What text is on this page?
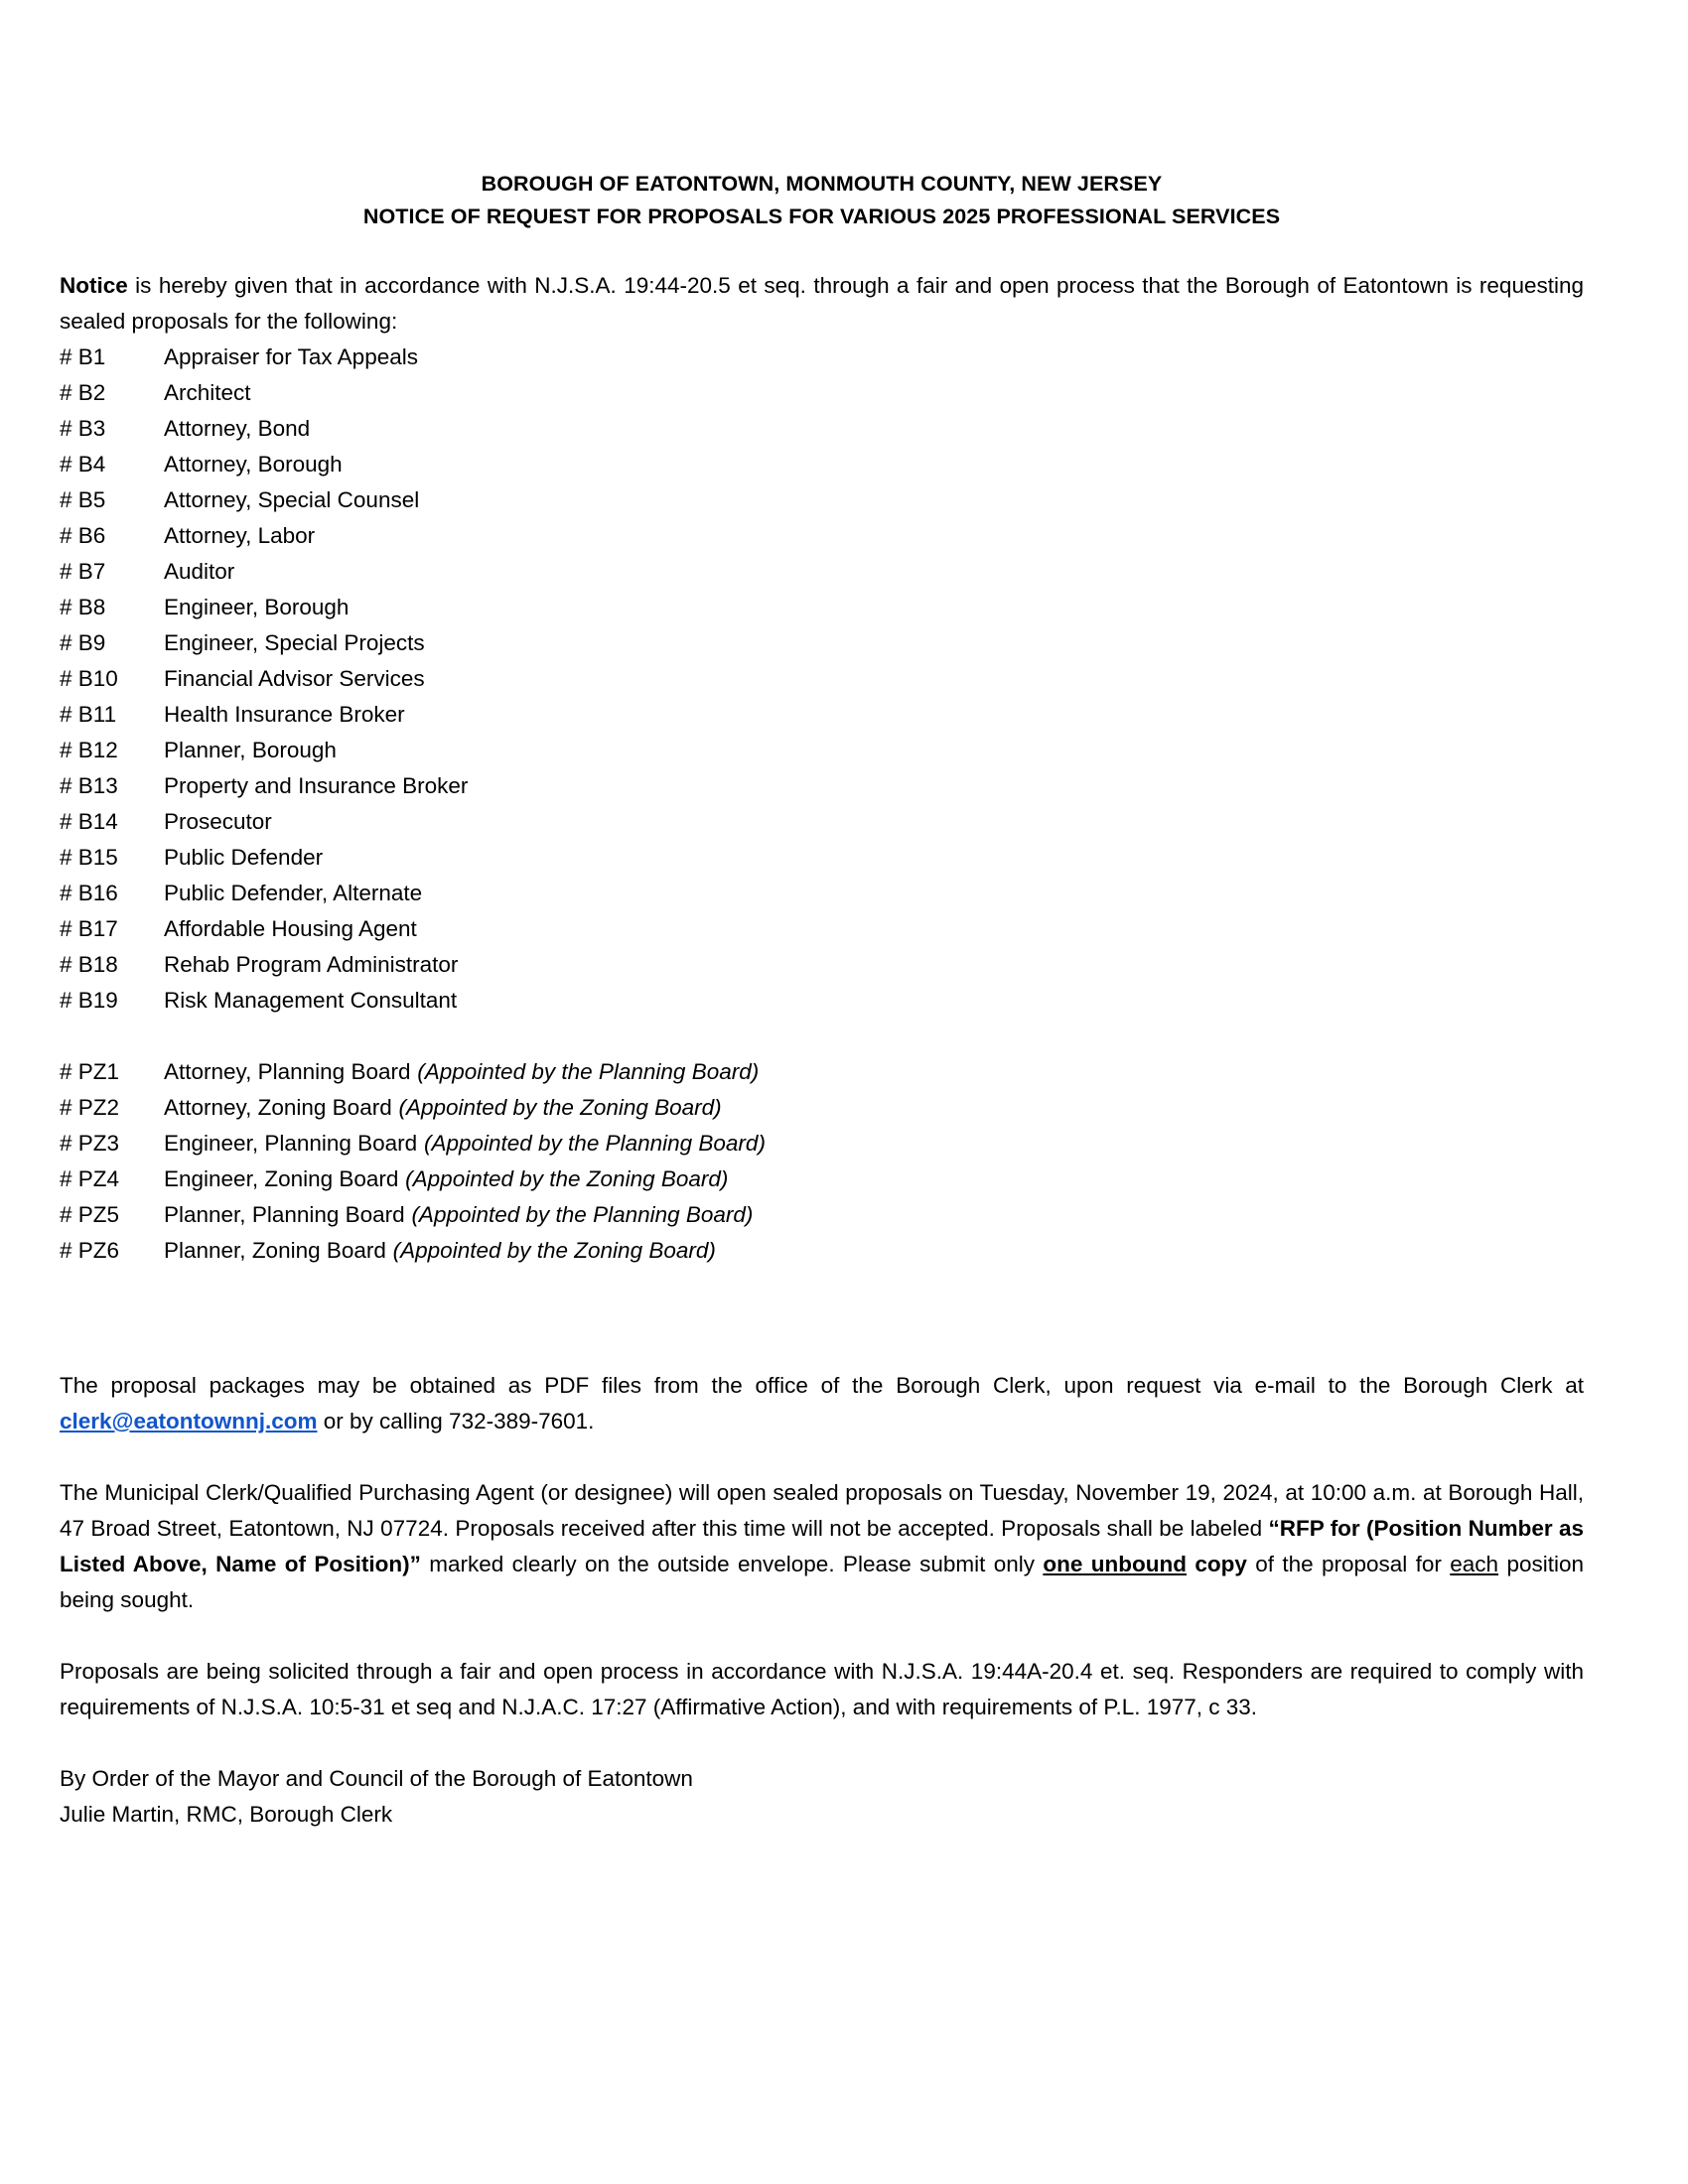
BOROUGH OF EATONTOWN, MONMOUTH COUNTY, NEW JERSEY
NOTICE OF REQUEST FOR PROPOSALS FOR VARIOUS 2025 PROFESSIONAL SERVICES

Notice is hereby given that in accordance with N.J.S.A. 19:44-20.5 et seq. through a fair and open process that the Borough of Eatontown is requesting sealed proposals for the following:

# B1	Appraiser for Tax Appeals
# B2	Architect
# B3	Attorney, Bond
# B4	Attorney, Borough
# B5	Attorney, Special Counsel
# B6	Attorney, Labor
# B7	Auditor
# B8	Engineer, Borough
# B9	Engineer, Special Projects
# B10	Financial Advisor Services
# B11	Health Insurance Broker
# B12	Planner, Borough
# B13	Property and Insurance Broker
# B14	Prosecutor
# B15	Public Defender
# B16	Public Defender, Alternate
# B17	Affordable Housing Agent
# B18	Rehab Program Administrator
# B19	Risk Management Consultant
# PZ1	Attorney, Planning Board (Appointed by the Planning Board)
# PZ2	Attorney, Zoning Board (Appointed by the Zoning Board)
# PZ3	Engineer, Planning Board (Appointed by the Planning Board)
# PZ4	Engineer, Zoning Board (Appointed by the Zoning Board)
# PZ5	Planner, Planning Board (Appointed by the Planning Board)
# PZ6	Planner, Zoning Board (Appointed by the Zoning Board)

The proposal packages may be obtained as PDF files from the office of the Borough Clerk, upon request via e-mail to the Borough Clerk at clerk@eatontownnj.com or by calling 732-389-7601.

The Municipal Clerk/Qualified Purchasing Agent (or designee) will open sealed proposals on Tuesday, November 19, 2024, at 10:00 a.m. at Borough Hall, 47 Broad Street, Eatontown, NJ 07724. Proposals received after this time will not be accepted. Proposals shall be labeled “RFP for (Position Number as Listed Above, Name of Position)” marked clearly on the outside envelope. Please submit only one unbound copy of the proposal for each position being sought.

Proposals are being solicited through a fair and open process in accordance with N.J.S.A. 19:44A-20.4 et. seq. Responders are required to comply with requirements of N.J.S.A. 10:5-31 et seq and N.J.A.C. 17:27 (Affirmative Action), and with requirements of P.L. 1977, c 33.

By Order of the Mayor and Council of the Borough of Eatontown

Julie Martin, RMC, Borough Clerk
